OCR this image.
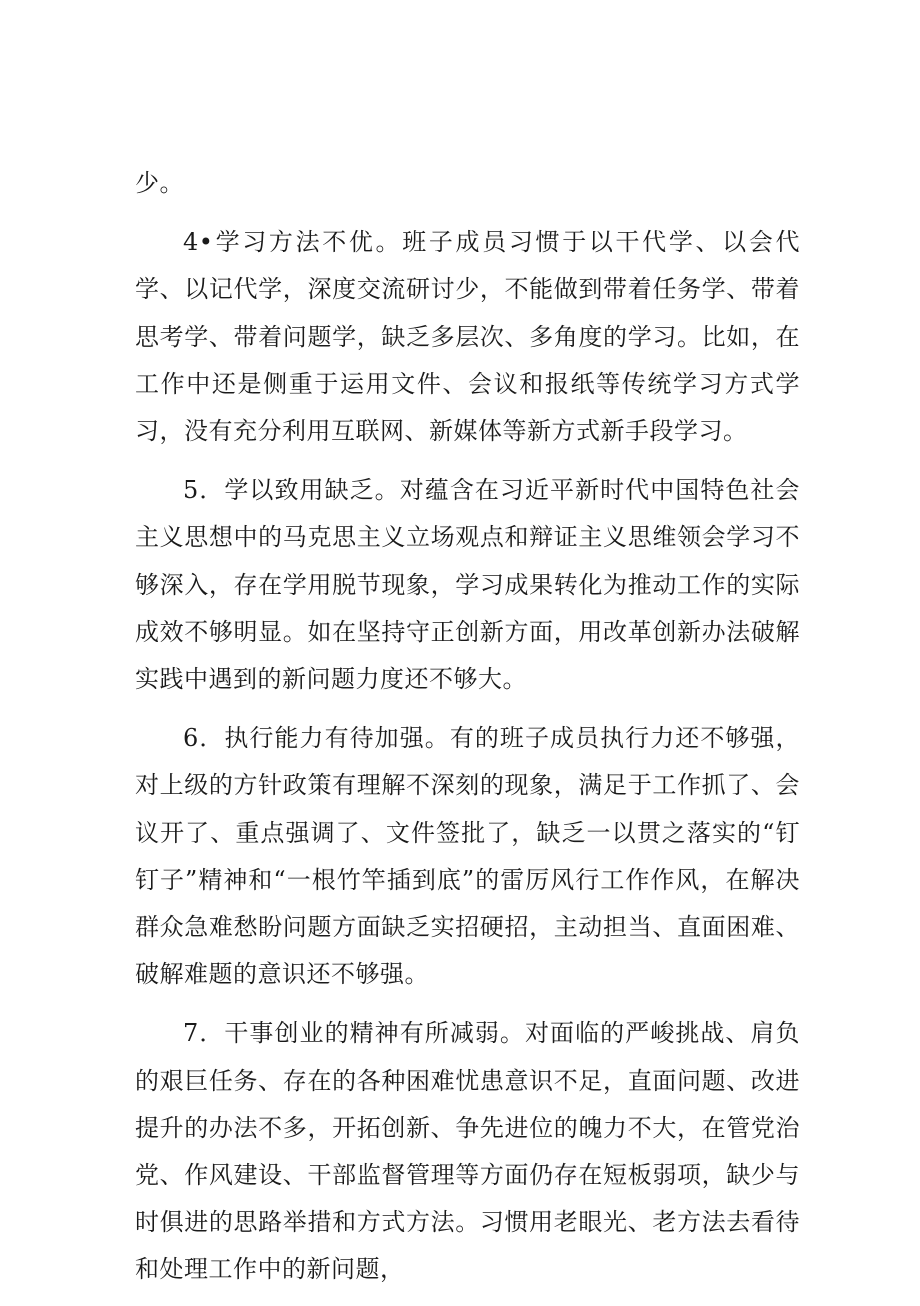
少。

4•学习方法不优。班子成员习惯于以干代学、以会代学、以记代学，深度交流研讨少，不能做到带着任务学、带着思考学、带着问题学，缺乏多层次、多角度的学习。比如，在工作中还是侧重于运用文件、会议和报纸等传统学习方式学习，没有充分利用互联网、新媒体等新方式新手段学习。

5．学以致用缺乏。对蕴含在习近平新时代中国特色社会主义思想中的马克思主义立场观点和辩证主义思维领会学习不够深入，存在学用脱节现象，学习成果转化为推动工作的实际成效不够明显。如在坚持守正创新方面，用改革创新办法破解实践中遇到的新问题力度还不够大。

6．执行能力有待加强。有的班子成员执行力还不够强，对上级的方针政策有理解不深刻的现象，满足于工作抓了、会议开了、重点强调了、文件签批了，缺乏一以贯之落实的“钉钉子”精神和“一根竹竿插到底”的雷厉风行工作作风，在解决群众急难愁盼问题方面缺乏实招硬招，主动担当、直面困难、破解难题的意识还不够强。

7．干事创业的精神有所减弱。对面临的严峻挑战、肩负的艰巨任务、存在的各种困难忧患意识不足，直面问题、改进提升的办法不多，开拓创新、争先进位的魄力不大，在管党治党、作风建设、干部监督管理等方面仍存在短板弱项，缺少与时俱进的思路举措和方式方法。习惯用老眼光、老方法去看待和处理工作中的新问题，
